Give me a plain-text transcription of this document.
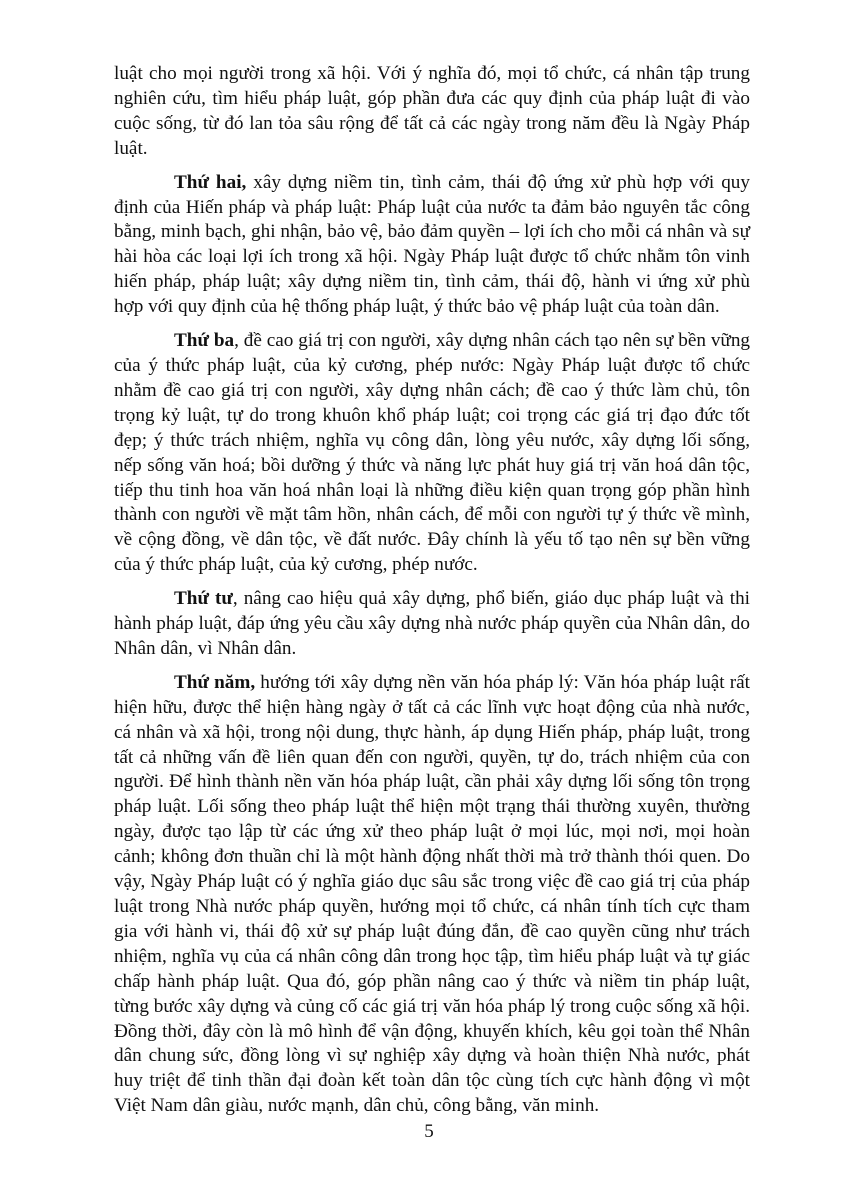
luật cho mọi người trong xã hội. Với ý nghĩa đó, mọi tổ chức, cá nhân tập trung nghiên cứu, tìm hiểu pháp luật, góp phần đưa các quy định của pháp luật đi vào cuộc sống, từ đó lan tỏa sâu rộng để tất cả các ngày trong năm đều là Ngày Pháp luật.

Thứ hai, xây dựng niềm tin, tình cảm, thái độ ứng xử phù hợp với quy định của Hiến pháp và pháp luật: Pháp luật của nước ta đảm bảo nguyên tắc công bằng, minh bạch, ghi nhận, bảo vệ, bảo đảm quyền – lợi ích cho mỗi cá nhân và sự hài hòa các loại lợi ích trong xã hội. Ngày Pháp luật được tổ chức nhằm tôn vinh hiến pháp, pháp luật; xây dựng niềm tin, tình cảm, thái độ, hành vi ứng xử phù hợp với quy định của hệ thống pháp luật, ý thức bảo vệ pháp luật của toàn dân.

Thứ ba, đề cao giá trị con người, xây dựng nhân cách tạo nên sự bền vững của ý thức pháp luật, của kỷ cương, phép nước: Ngày Pháp luật được tổ chức nhằm đề cao giá trị con người, xây dựng nhân cách; đề cao ý thức làm chủ, tôn trọng kỷ luật, tự do trong khuôn khổ pháp luật; coi trọng các giá trị đạo đức tốt đẹp; ý thức trách nhiệm, nghĩa vụ công dân, lòng yêu nước, xây dựng lối sống, nếp sống văn hoá; bồi dưỡng ý thức và năng lực phát huy giá trị văn hoá dân tộc, tiếp thu tinh hoa văn hoá nhân loại là những điều kiện quan trọng góp phần hình thành con người về mặt tâm hồn, nhân cách, để mỗi con người tự ý thức về mình, về cộng đồng, về dân tộc, về đất nước. Đây chính là yếu tố tạo nên sự bền vững của ý thức pháp luật, của kỷ cương, phép nước.

Thứ tư, nâng cao hiệu quả xây dựng, phổ biến, giáo dục pháp luật và thi hành pháp luật, đáp ứng yêu cầu xây dựng nhà nước pháp quyền của Nhân dân, do Nhân dân, vì Nhân dân.

Thứ năm, hướng tới xây dựng nền văn hóa pháp lý: Văn hóa pháp luật rất hiện hữu, được thể hiện hàng ngày ở tất cả các lĩnh vực hoạt động của nhà nước, cá nhân và xã hội, trong nội dung, thực hành, áp dụng Hiến pháp, pháp luật, trong tất cả những vấn đề liên quan đến con người, quyền, tự do, trách nhiệm của con người. Để hình thành nền văn hóa pháp luật, cần phải xây dựng lối sống tôn trọng pháp luật. Lối sống theo pháp luật thể hiện một trạng thái thường xuyên, thường ngày, được tạo lập từ các ứng xử theo pháp luật ở mọi lúc, mọi nơi, mọi hoàn cảnh; không đơn thuần chỉ là một hành động nhất thời mà trở thành thói quen. Do vậy, Ngày Pháp luật có ý nghĩa giáo dục sâu sắc trong việc đề cao giá trị của pháp luật trong Nhà nước pháp quyền, hướng mọi tổ chức, cá nhân tính tích cực tham gia với hành vi, thái độ xử sự pháp luật đúng đắn, đề cao quyền cũng như trách nhiệm, nghĩa vụ của cá nhân công dân trong học tập, tìm hiểu pháp luật và tự giác chấp hành pháp luật. Qua đó, góp phần nâng cao ý thức và niềm tin pháp luật, từng bước xây dựng và củng cố các giá trị văn hóa pháp lý trong cuộc sống xã hội. Đồng thời, đây còn là mô hình để vận động, khuyến khích, kêu gọi toàn thể Nhân dân chung sức, đồng lòng vì sự nghiệp xây dựng và hoàn thiện Nhà nước, phát huy triệt để tinh thần đại đoàn kết toàn dân tộc cùng tích cực hành động vì một Việt Nam dân giàu, nước mạnh, dân chủ, công bằng, văn minh.

5
